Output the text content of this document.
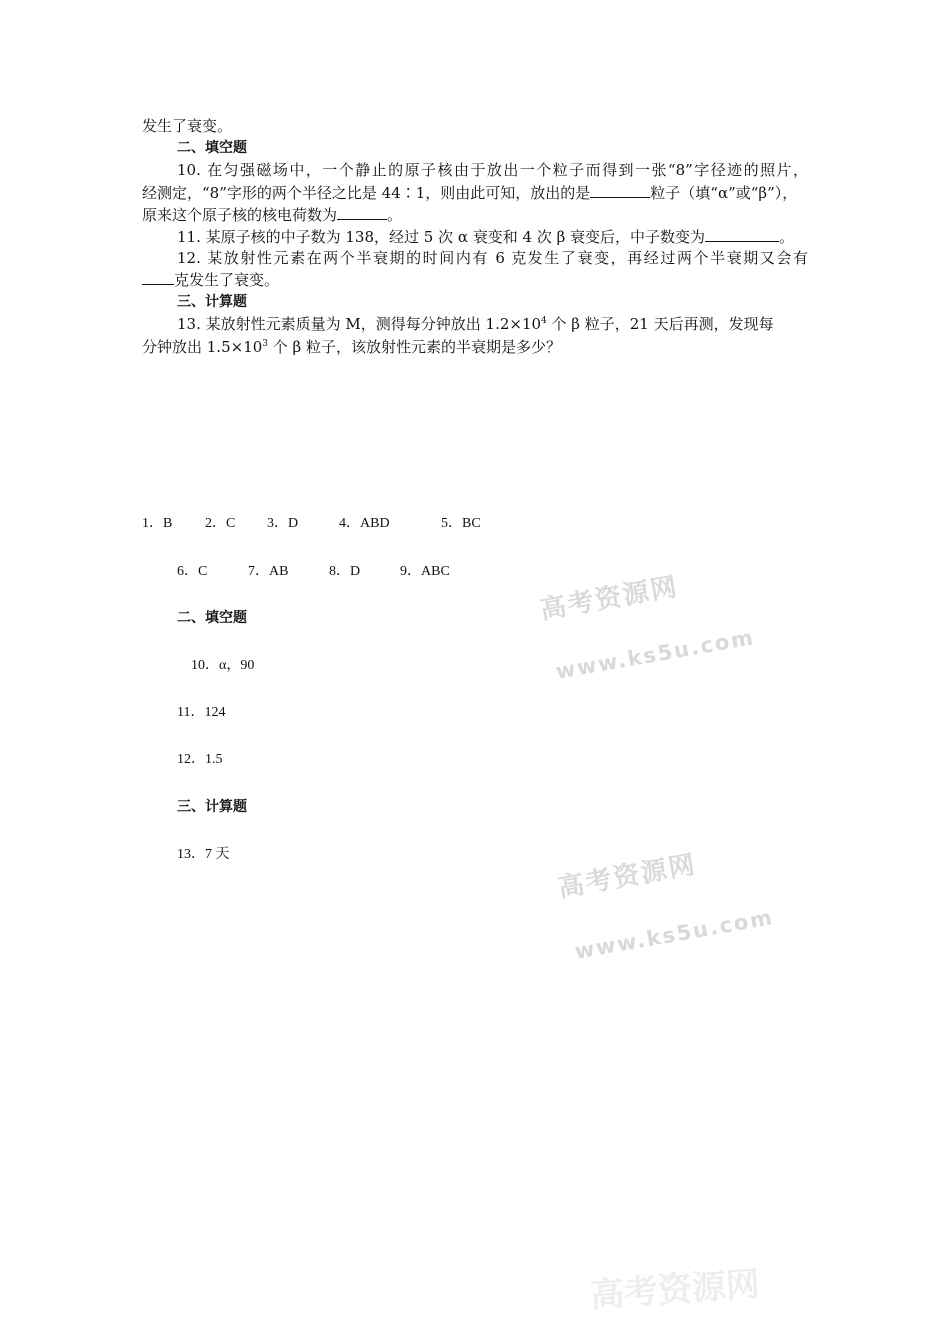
发生了衰变。
二、填空题
10. 在匀强磁场中，一个静止的原子核由于放出一个粒子而得到一张“8”字径迹的照片，
经测定，“8”字形的两个半径之比是 44∶1，则由此可知，放出的是	粒子（填“α”或“β”），
原来这个原子核的核电荷数为	。
11. 某原子核的中子数为 138，经过 5 次 α 衰变和 4 次 β 衰变后，中子数变为	。
12. 某放射性元素在两个半衰期的时间内有 6 克发生了衰变，再经过两个半衰期又会有
克发生了衰变。
三、计算题
13. 某放射性元素质量为 M，测得每分钟放出 $1.2\times 10^4$ 个 β 粒子，21 天后再测，发现每
分钟放出 $1.5\times 10^3$ 个 β 粒子，该放射性元素的半衰期是多少？
1．B 2．C 3．D	4．ABD	5．BC
6．C	7．AB	8．D	9．ABC
二、填空题
10．α，90
11．124
12．1.5
三、计算题
13．7 天
高考资源网
www.ks5u.com
高考资源网
www.ks5u.com
高考资源网
